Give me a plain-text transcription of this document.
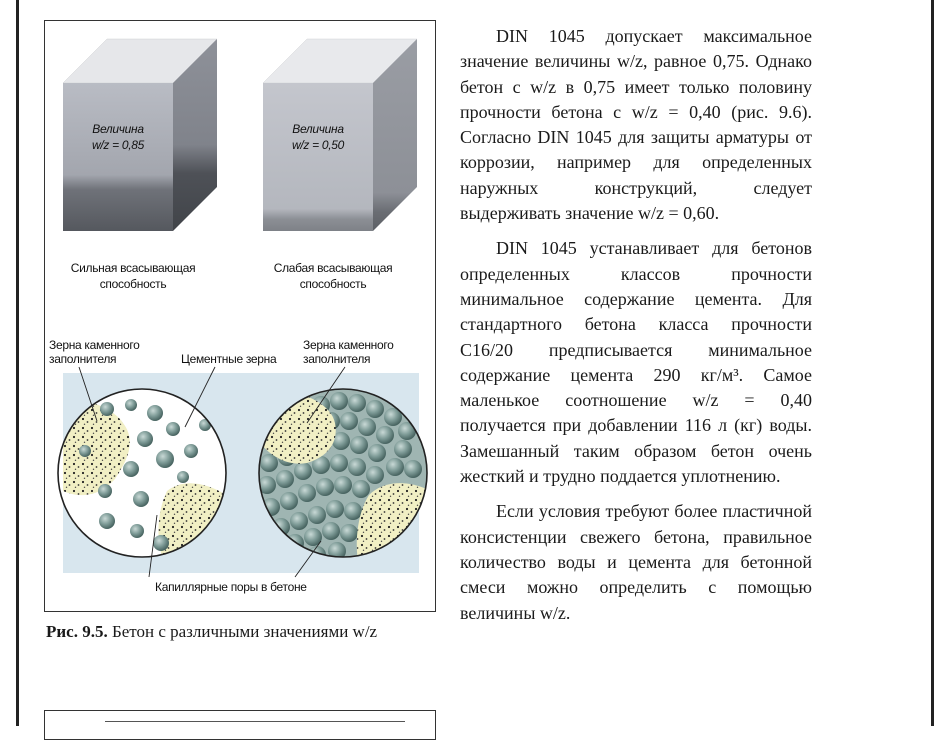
Величина
w/z = 0,85
Величина
w/z = 0,50
Сильная всасывающая
способность
Слабая всасывающая
способность
Зерна каменного
заполнителя	Цементные зерна
Зерна каменного
заполнителя
Капиллярные поры в бетоне
Рис. 9.5. Бетон с различными значениями w/z

DIN 1045 допускает максимальное значение величины w/z, равное 0,75. Однако бетон с w/z в 0,75 имеет только половину прочности бетона с w/z = 0,40 (рис. 9.6). Согласно DIN 1045 для защиты арматуры от коррозии, например для определенных наружных конструкций, следует выдерживать значение w/z = 0,60.

DIN 1045 устанавливает для бетонов определенных классов прочности минимальное содержание цемента. Для стандартного бетона класса прочности C16/20 предписывается минимальное содержание цемента 290 кг/м³. Самое маленькое соотношение w/z = 0,40 получается при добавлении 116 л (кг) воды. Замешанный таким образом бетон очень жесткий и трудно поддается уплотнению.

Если условия требуют более пластичной консистенции свежего бетона, правильное количество воды и цемента для бетонной смеси можно определить с помощью величины w/z.
